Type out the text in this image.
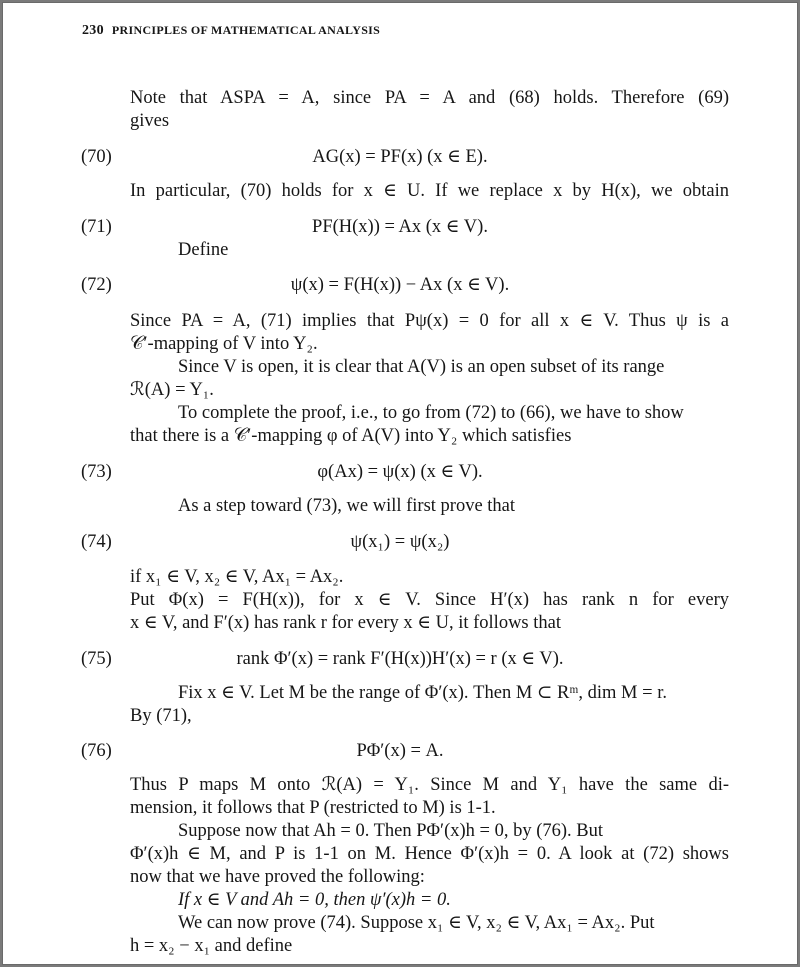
230 PRINCIPLES OF MATHEMATICAL ANALYSIS

Note that ASPA = A, since PA = A and (68) holds. Therefore (69)

gives

(70)	AG(x) = PF(x) (x ∈ E).

In particular, (70) holds for x ∈ U. If we replace x by H(x), we obtain

(71)	PF(H(x)) = Ax (x ∈ V).

Define

(72)	ψ(x) = F(H(x)) − Ax (x ∈ V).

Since PA = A, (71) implies that Pψ(x) = 0 for all x ∈ V. Thus ψ is a

𝒞′-mapping of V into Y₂.

Since V is open, it is clear that A(V) is an open subset of its range

ℛ(A) = Y₁.

To complete the proof, i.e., to go from (72) to (66), we have to show

that there is a 𝒞′-mapping φ of A(V) into Y₂ which satisfies

(73)	φ(Ax) = ψ(x) (x ∈ V).

As a step toward (73), we will first prove that

(74)	ψ(x₁) = ψ(x₂)

if x₁ ∈ V, x₂ ∈ V, Ax₁ = Ax₂.

Put Φ(x) = F(H(x)), for x ∈ V. Since H′(x) has rank n for every

x ∈ V, and F′(x) has rank r for every x ∈ U, it follows that

(75)	rank Φ′(x) = rank F′(H(x))H′(x) = r (x ∈ V).

Fix x ∈ V. Let M be the range of Φ′(x). Then M ⊂ Rᵐ, dim M = r.

By (71),

(76)	PΦ′(x) = A.

Thus P maps M onto ℛ(A) = Y₁. Since M and Y₁ have the same di-

mension, it follows that P (restricted to M) is 1-1.

Suppose now that Ah = 0. Then PΦ′(x)h = 0, by (76). But

Φ′(x)h ∈ M, and P is 1-1 on M. Hence Φ′(x)h = 0. A look at (72) shows

now that we have proved the following:

If x ∈ V and Ah = 0, then ψ′(x)h = 0.

We can now prove (74). Suppose x₁ ∈ V, x₂ ∈ V, Ax₁ = Ax₂. Put

h = x₂ − x₁ and define
